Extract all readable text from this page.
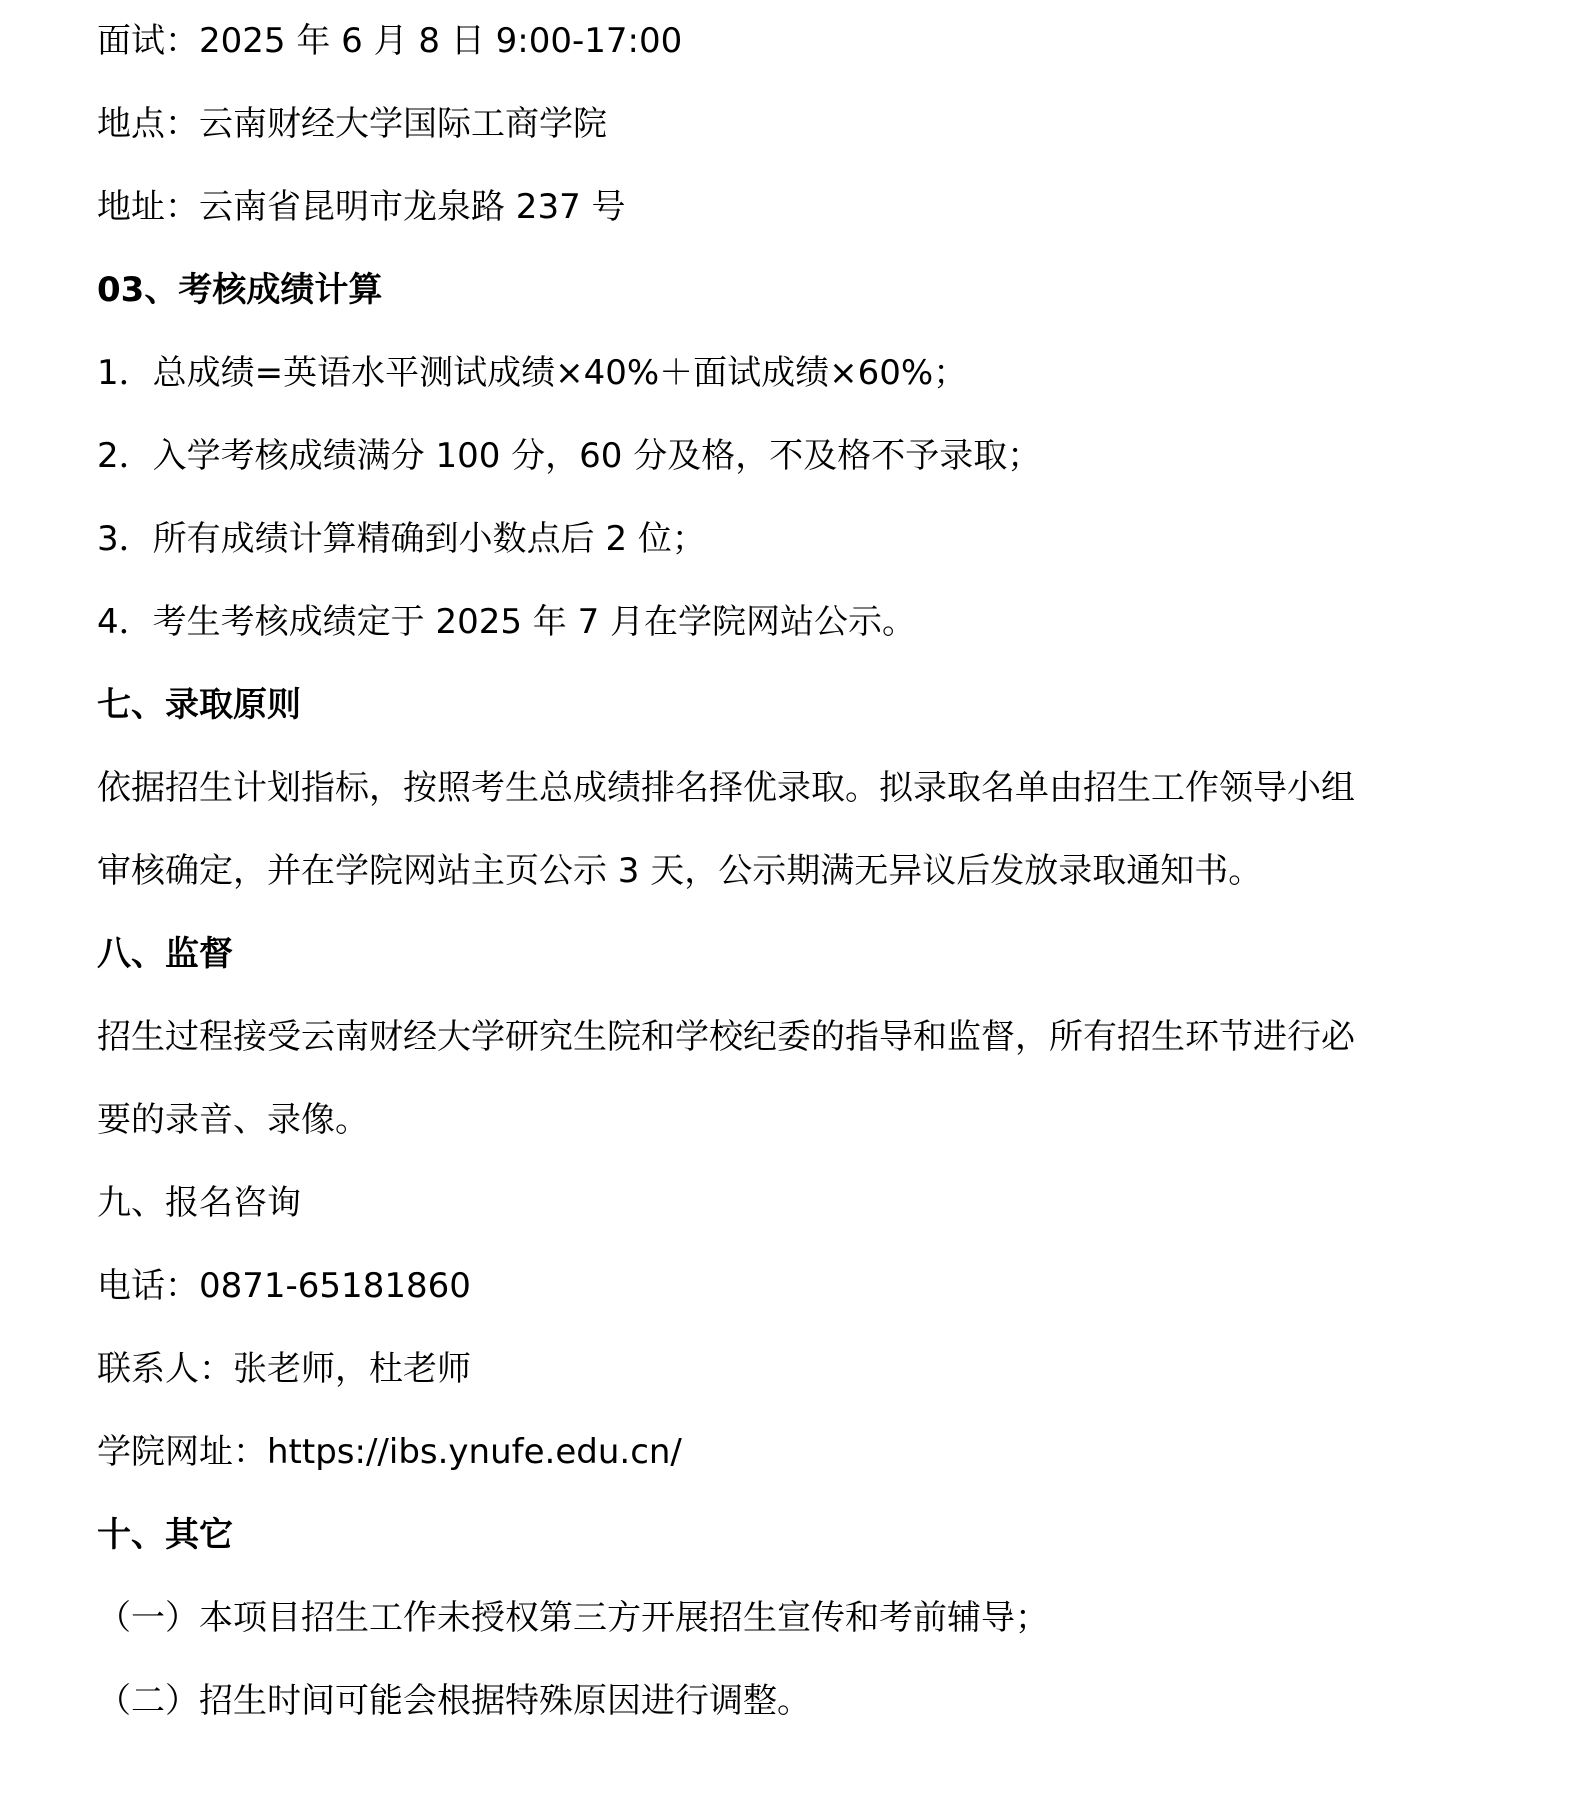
面试：2025 年 6 月 8 日 9:00-17:00
地点：云南财经大学国际工商学院
地址：云南省昆明市龙泉路 237 号
03、考核成绩计算
1．总成绩=英语水平测试成绩×40%＋面试成绩×60%；
2．入学考核成绩满分 100 分，60 分及格，不及格不予录取；
3．所有成绩计算精确到小数点后 2 位；
4．考生考核成绩定于 2025 年 7 月在学院网站公示。
七、录取原则
依据招生计划指标，按照考生总成绩排名择优录取。拟录取名单由招生工作领导小组
审核确定，并在学院网站主页公示 3 天，公示期满无异议后发放录取通知书。
八、监督
招生过程接受云南财经大学研究生院和学校纪委的指导和监督，所有招生环节进行必
要的录音、录像。
九、报名咨询
电话：0871-65181860
联系人：张老师，杜老师
学院网址：https://ibs.ynufe.edu.cn/
十、其它
（一）本项目招生工作未授权第三方开展招生宣传和考前辅导；
（二）招生时间可能会根据特殊原因进行调整。
